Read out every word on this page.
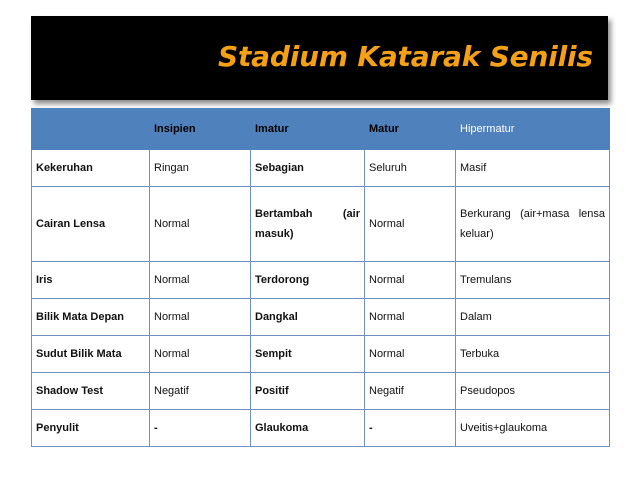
Stadium Katarak Senilis
	Insipien	Imatur	Matur	Hipermatur
Kekeruhan	Ringan	Sebagian	Seluruh	Masif
Cairan Lensa	Normal	Bertambah (air masuk)	Normal	Berkurang (air+masa lensa keluar)
Iris	Normal	Terdorong	Normal	Tremulans
Bilik Mata Depan	Normal	Dangkal	Normal	Dalam
Sudut Bilik Mata	Normal	Sempit	Normal	Terbuka
Shadow Test	Negatif	Positif	Negatif	Pseudopos
Penyulit	-	Glaukoma	-	Uveitis+glaukoma
